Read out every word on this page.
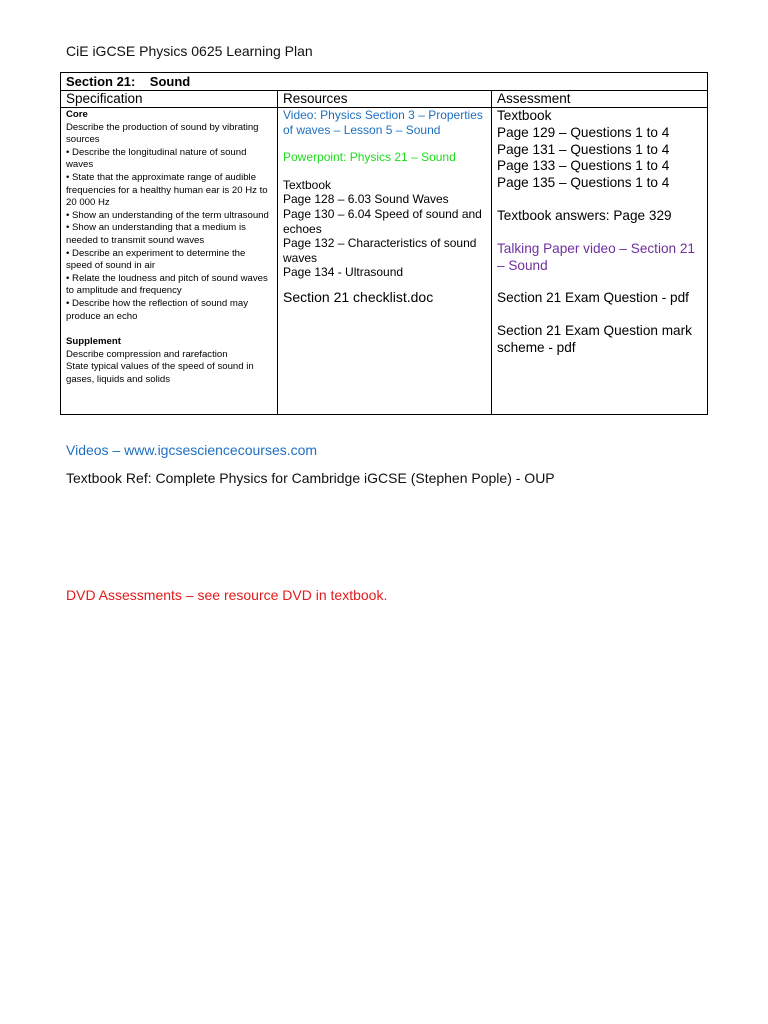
CiE iGCSE Physics 0625 Learning Plan
Section 21:    Sound
Specification	Resources	Assessment
Core
Describe the production of sound by vibrating sources
• Describe the longitudinal nature of sound waves
• State that the approximate range of audible frequencies for a healthy human ear is 20 Hz to 20 000 Hz
• Show an understanding of the term ultrasound
• Show an understanding that a medium is needed to transmit sound waves
• Describe an experiment to determine the speed of sound in air
• Relate the loudness and pitch of sound waves to amplitude and frequency
• Describe how the reflection of sound may produce an echo
Supplement
Describe compression and rarefaction
State typical values of the speed of sound in gases, liquids and solids

Video: Physics Section 3 – Properties of waves – Lesson 5 – Sound

Powerpoint: Physics 21 – Sound

Textbook

Page 128 – 6.03 Sound Waves

Page 130 – 6.04 Speed of sound and echoes

Page 132 – Characteristics of sound waves

Page 134 - Ultrasound

Section 21 checklist.doc

Textbook

Page 129 – Questions 1 to 4

Page 131 – Questions 1 to 4

Page 133 – Questions 1 to 4

Page 135 – Questions 1 to 4

Textbook answers: Page 329

Talking Paper video – Section 21 – Sound

Section 21 Exam Question - pdf

Section 21 Exam Question mark scheme - pdf

Videos – www.igcsesciencecourses.com
Textbook Ref: Complete Physics for Cambridge iGCSE (Stephen Pople) - OUP
DVD Assessments – see resource DVD in textbook.
